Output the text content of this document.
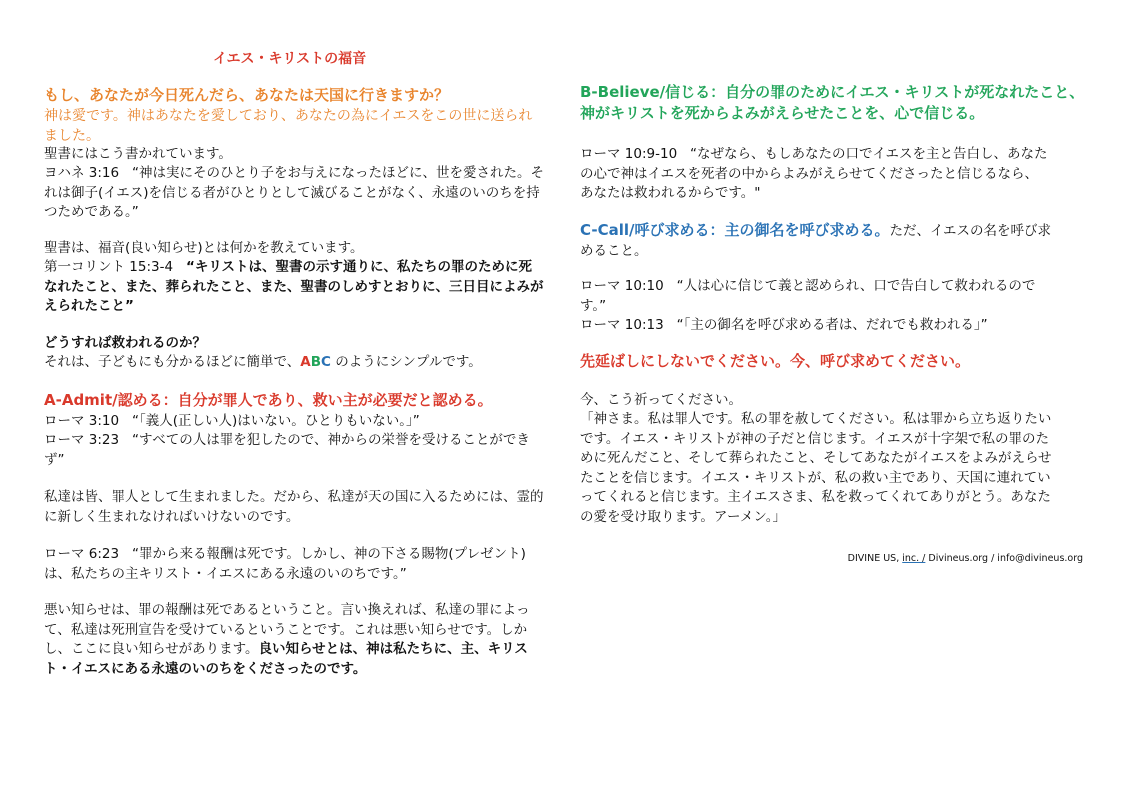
イエス・キリストの福音

もし、あなたが今日死んだら、あなたは天国に行きますか？

神は愛です。神はあなたを愛しており、あなたの為にイエスをこの世に送られました。

聖書にはこう書かれています。

ヨハネ 3:16 “神は実にそのひとり子をお与えになったほどに、世を愛された。それは御子(イエス)を信じる者がひとりとして滅びることがなく、永遠のいのちを持つためである。”

聖書は、福音(良い知らせ)とは何かを教えています。

第一コリント 15:3-4 “キリストは、聖書の示す通りに、私たちの罪のために死なれたこと、また、葬られたこと、また、聖書のしめすとおりに、三日目によみがえられたこと”

どうすれば救われるのか？

それは、子どもにも分かるほどに簡単で、ABC のようにシンプルです。

A-Admit/認める：自分が罪人であり、救い主が必要だと認める。

ローマ 3:10 “「義人(正しい人)はいない。ひとりもいない。」”

ローマ 3:23 “すべての人は罪を犯したので、神からの栄誉を受けることができず”

私達は皆、罪人として生まれました。だから、私達が天の国に入るためには、霊的に新しく生まれなければいけないのです。

ローマ 6:23 “罪から来る報酬は死です。しかし、神の下さる賜物(プレゼント)は、私たちの主キリスト・イエスにある永遠のいのちです。”

悪い知らせは、罪の報酬は死であるということ。言い換えれば、私達の罪によって、私達は死刑宣告を受けているということです。これは悪い知らせです。しかし、ここに良い知らせがあります。良い知らせとは、神は私たちに、主、キリスト・イエスにある永遠のいのちをくださったのです。

B-Believe/信じる：自分の罪のためにイエス・キリストが死なれたこと、神がキリストを死からよみがえらせたことを、心で信じる。

ローマ 10:9-10 “なぜなら、もしあなたの口でイエスを主と告白し、あなたの心で神はイエスを死者の中からよみがえらせてくださったと信じるなら、あなたは救われるからです。"

C-Call/呼び求める：主の御名を呼び求める。ただ、イエスの名を呼び求めること。

ローマ 10:10 “人は心に信じて義と認められ、口で告白して救われるのです。”

ローマ 10:13 “「主の御名を呼び求める者は、だれでも救われる」”

先延ばしにしないでください。今、呼び求めてください。

今、こう祈ってください。

「神さま。私は罪人です。私の罪を赦してください。私は罪から立ち返りたいです。イエス・キリストが神の子だと信じます。イエスが十字架で私の罪のために死んだこと、そして葬られたこと、そしてあなたがイエスをよみがえらせたことを信じます。イエス・キリストが、私の救い主であり、天国に連れていってくれると信じます。主イエスさま、私を救ってくれてありがとう。あなたの愛を受け取ります。アーメン。」

DIVINE US, inc. / Divineus.org / info@divineus.org
